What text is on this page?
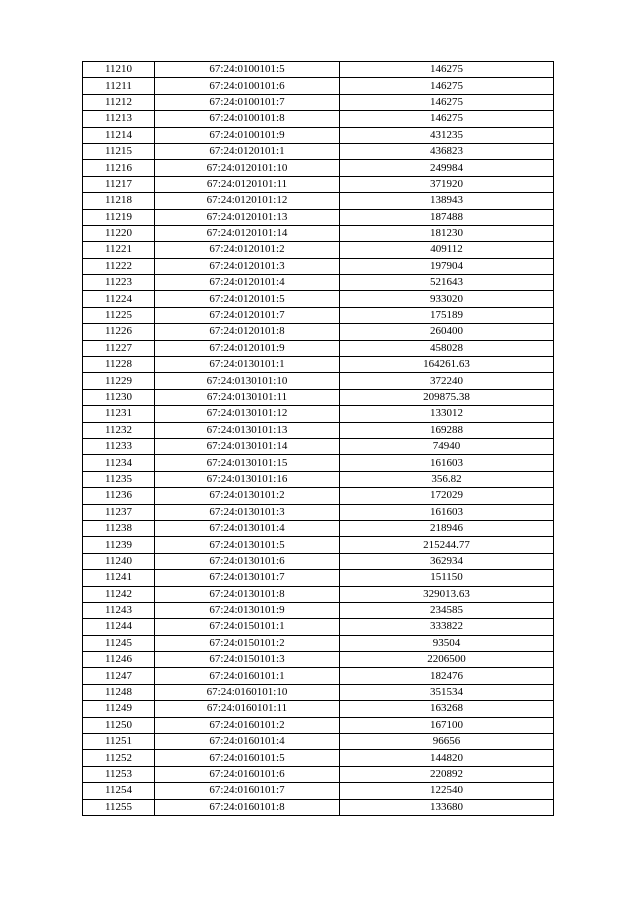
11210	67:24:0100101:5	146275
11211	67:24:0100101:6	146275
11212	67:24:0100101:7	146275
11213	67:24:0100101:8	146275
11214	67:24:0100101:9	431235
11215	67:24:0120101:1	436823
11216	67:24:0120101:10	249984
11217	67:24:0120101:11	371920
11218	67:24:0120101:12	138943
11219	67:24:0120101:13	187488
11220	67:24:0120101:14	181230
11221	67:24:0120101:2	409112
11222	67:24:0120101:3	197904
11223	67:24:0120101:4	521643
11224	67:24:0120101:5	933020
11225	67:24:0120101:7	175189
11226	67:24:0120101:8	260400
11227	67:24:0120101:9	458028
11228	67:24:0130101:1	164261.63
11229	67:24:0130101:10	372240
11230	67:24:0130101:11	209875.38
11231	67:24:0130101:12	133012
11232	67:24:0130101:13	169288
11233	67:24:0130101:14	74940
11234	67:24:0130101:15	161603
11235	67:24:0130101:16	356.82
11236	67:24:0130101:2	172029
11237	67:24:0130101:3	161603
11238	67:24:0130101:4	218946
11239	67:24:0130101:5	215244.77
11240	67:24:0130101:6	362934
11241	67:24:0130101:7	151150
11242	67:24:0130101:8	329013.63
11243	67:24:0130101:9	234585
11244	67:24:0150101:1	333822
11245	67:24:0150101:2	93504
11246	67:24:0150101:3	2206500
11247	67:24:0160101:1	182476
11248	67:24:0160101:10	351534
11249	67:24:0160101:11	163268
11250	67:24:0160101:2	167100
11251	67:24:0160101:4	96656
11252	67:24:0160101:5	144820
11253	67:24:0160101:6	220892
11254	67:24:0160101:7	122540
11255	67:24:0160101:8	133680
